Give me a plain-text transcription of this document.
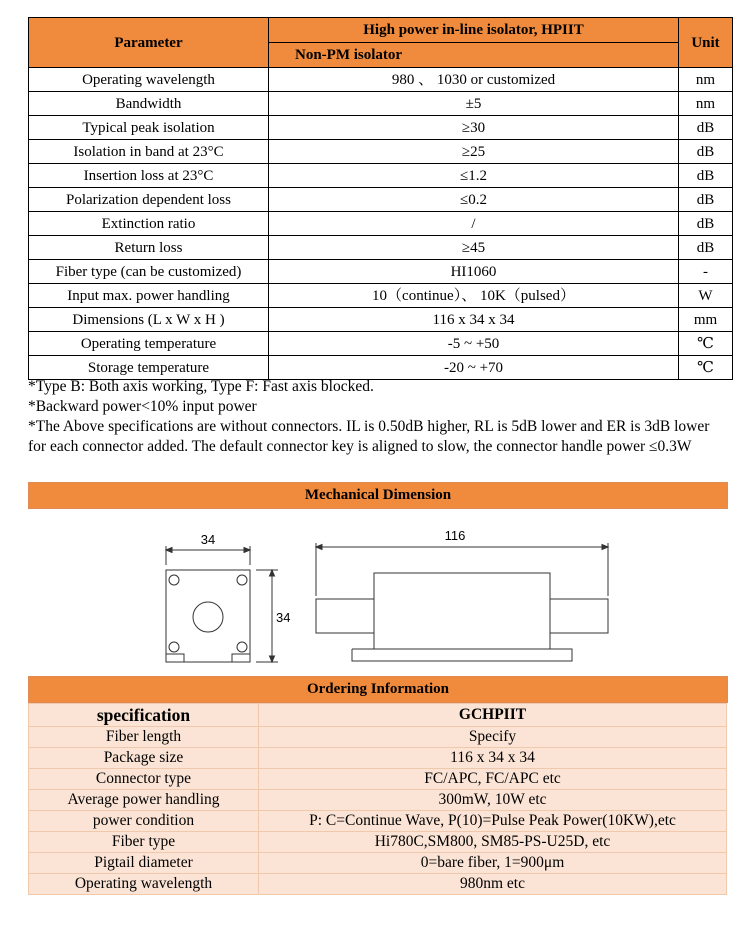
Parameter	High power in-line isolator, HPIIT	Unit
	Non-PM isolator	
Operating wavelength	980 、 1030 or customized	nm
Bandwidth	±5	nm
Typical peak isolation	≥30	dB
Isolation in band at 23°C	≥25	dB
Insertion loss at 23°C	≤1.2	dB
Polarization dependent loss	≤0.2	dB
Extinction ratio	/	dB
Return loss	≥45	dB
Fiber type (can be customized)	HI1060	-
Input max. power handling	10（continue）、 10K（pulsed）	W
Dimensions (L x W x H )	116 x 34 x 34	mm
Operating temperature	-5 ~ +50	℃
Storage temperature	-20 ~ +70	℃
*Type B: Both axis working, Type F: Fast axis blocked.
*Backward power<10% input power
*The Above specifications are without connectors. IL is 0.50dB higher, RL is 5dB lower and ER is 3dB lower for each connector added. The default connector key is aligned to slow, the connector handle power ≤0.3W
Mechanical Dimension
34
34
116
Ordering Information
specification	GCHPIIT
Fiber length	Specify
Package size	116 x 34 x 34
Connector type	FC/APC, FC/APC etc
Average power handling	300mW, 10W etc
power condition	P: C=Continue Wave, P(10)=Pulse Peak Power(10KW),etc
Fiber type	Hi780C,SM800, SM85-PS-U25D, etc
Pigtail diameter	0=bare fiber, 1=900μm
Operating wavelength	980nm etc
